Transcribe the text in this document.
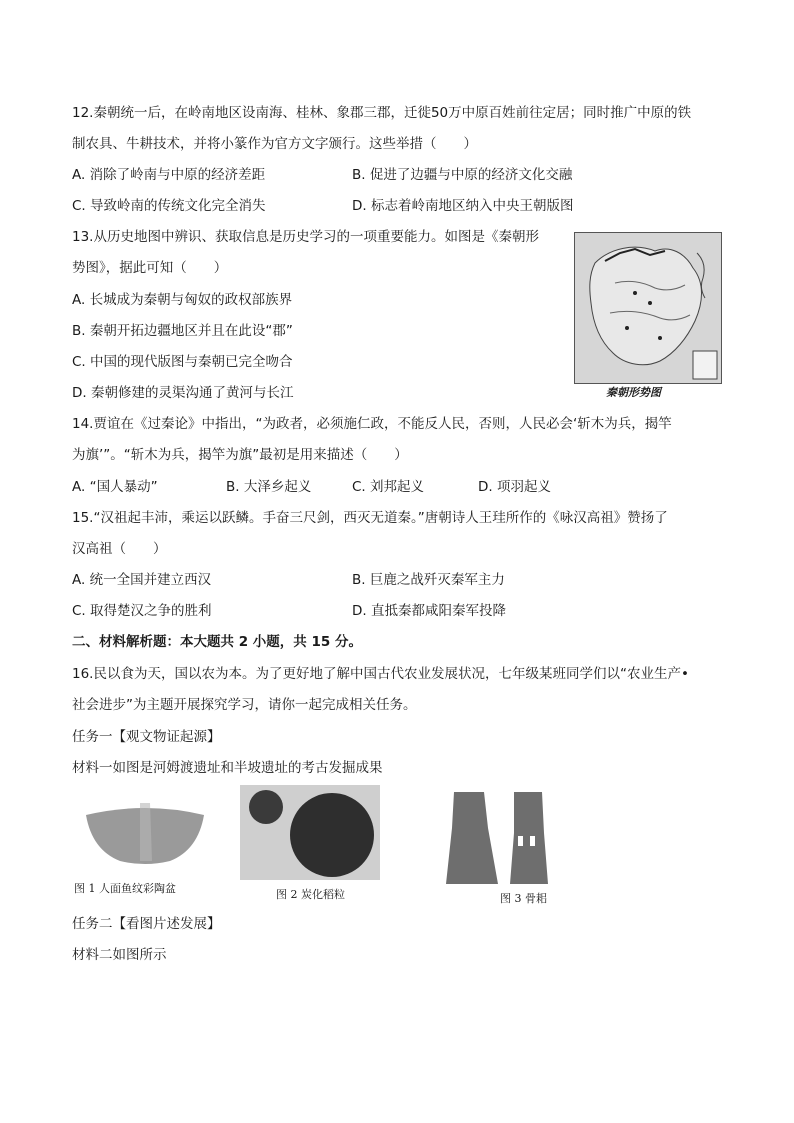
12.秦朝统一后，在岭南地区设南海、桂林、象郡三郡，迁徙50万中原百姓前往定居；同时推广中原的铁
制农具、牛耕技术，并将小篆作为官方文字颁行。这些举措（　　）
A. 消除了岭南与中原的经济差距	B. 促进了边疆与中原的经济文化交融
C. 导致岭南的传统文化完全消失	D. 标志着岭南地区纳入中央王朝版图
13.从历史地图中辨识、获取信息是历史学习的一项重要能力。如图是《秦朝形
势图》，据此可知（　　）
A. 长城成为秦朝与匈奴的政权部族界
B. 秦朝开拓边疆地区并且在此设“郡”
C. 中国的现代版图与秦朝已完全吻合
D. 秦朝修建的灵渠沟通了黄河与长江	秦朝形势图
14.贾谊在《过秦论》中指出，“为政者，必须施仁政，不能反人民，否则，人民必会‘斩木为兵，揭竿
为旗’”。“斩木为兵，揭竿为旗”最初是用来描述（　　）
A. “国人暴动”	B. 大泽乡起义	C. 刘邦起义	D. 项羽起义
15.“汉祖起丰沛，乘运以跃鳞。手奋三尺剑，西灭无道秦。”唐朝诗人王珪所作的《咏汉高祖》赞扬了
汉高祖（　　）
A. 统一全国并建立西汉	B. 巨鹿之战歼灭秦军主力
C. 取得楚汉之争的胜利	D. 直抵秦都咸阳秦军投降
二、材料解析题：本大题共 2 小题，共 15 分。
16.民以食为天，国以农为本。为了更好地了解中国古代农业发展状况，七年级某班同学们以“农业生产•
社会进步”为主题开展探究学习，请你一起完成相关任务。
任务一【观文物证起源】
材料一如图是河姆渡遗址和半坡遗址的考古发掘成果
图 1 人面鱼纹彩陶盆	图 2 炭化稻粒	图 3 骨耜
任务二【看图片述发展】
材料二如图所示
